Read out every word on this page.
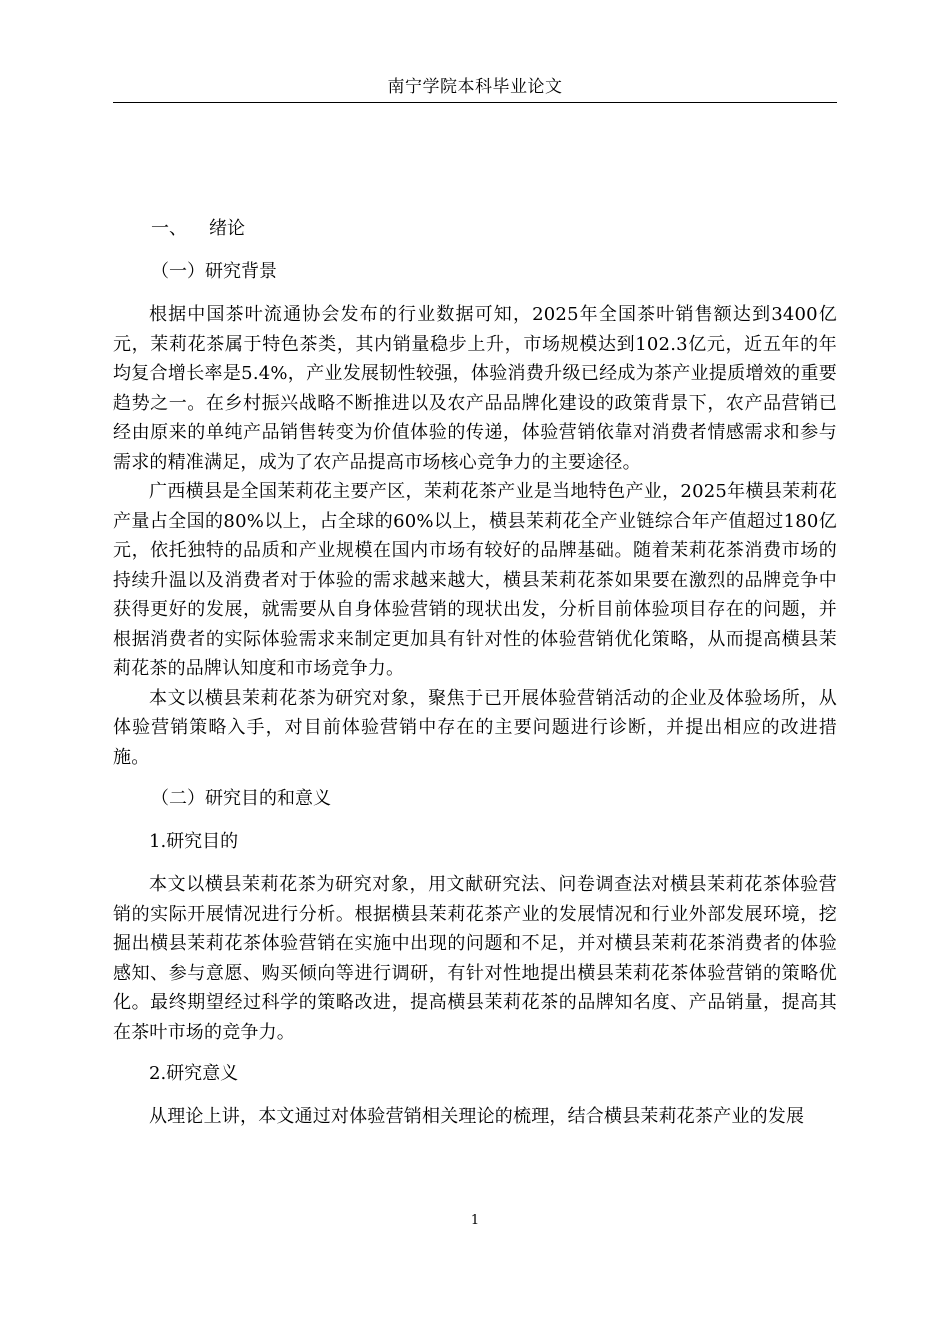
南宁学院本科毕业论文
一、 绪论
（一）研究背景

根据中国茶叶流通协会发布的行业数据可知，2025年全国茶叶销售额达到3400亿元，茉莉花茶属于特色茶类，其内销量稳步上升，市场规模达到102.3亿元，近五年的年均复合增长率是5.4%，产业发展韧性较强，体验消费升级已经成为茶产业提质增效的重要趋势之一。在乡村振兴战略不断推进以及农产品品牌化建设的政策背景下，农产品营销已经由原来的单纯产品销售转变为价值体验的传递，体验营销依靠对消费者情感需求和参与需求的精准满足，成为了农产品提高市场核心竞争力的主要途径。

广西横县是全国茉莉花主要产区，茉莉花茶产业是当地特色产业，2025年横县茉莉花产量占全国的80%以上，占全球的60%以上，横县茉莉花全产业链综合年产值超过180亿元，依托独特的品质和产业规模在国内市场有较好的品牌基础。随着茉莉花茶消费市场的持续升温以及消费者对于体验的需求越来越大，横县茉莉花茶如果要在激烈的品牌竞争中获得更好的发展，就需要从自身体验营销的现状出发，分析目前体验项目存在的问题，并根据消费者的实际体验需求来制定更加具有针对性的体验营销优化策略，从而提高横县茉莉花茶的品牌认知度和市场竞争力。

本文以横县茉莉花茶为研究对象，聚焦于已开展体验营销活动的企业及体验场所，从体验营销策略入手，对目前体验营销中存在的主要问题进行诊断，并提出相应的改进措施。

（二）研究目的和意义
1.研究目的

本文以横县茉莉花茶为研究对象，用文献研究法、问卷调查法对横县茉莉花茶体验营销的实际开展情况进行分析。根据横县茉莉花茶产业的发展情况和行业外部发展环境，挖掘出横县茉莉花茶体验营销在实施中出现的问题和不足，并对横县茉莉花茶消费者的体验感知、参与意愿、购买倾向等进行调研，有针对性地提出横县茉莉花茶体验营销的策略优化。最终期望经过科学的策略改进，提高横县茉莉花茶的品牌知名度、产品销量，提高其在茶叶市场的竞争力。

2.研究意义

从理论上讲，本文通过对体验营销相关理论的梳理，结合横县茉莉花茶产业的发展

1
